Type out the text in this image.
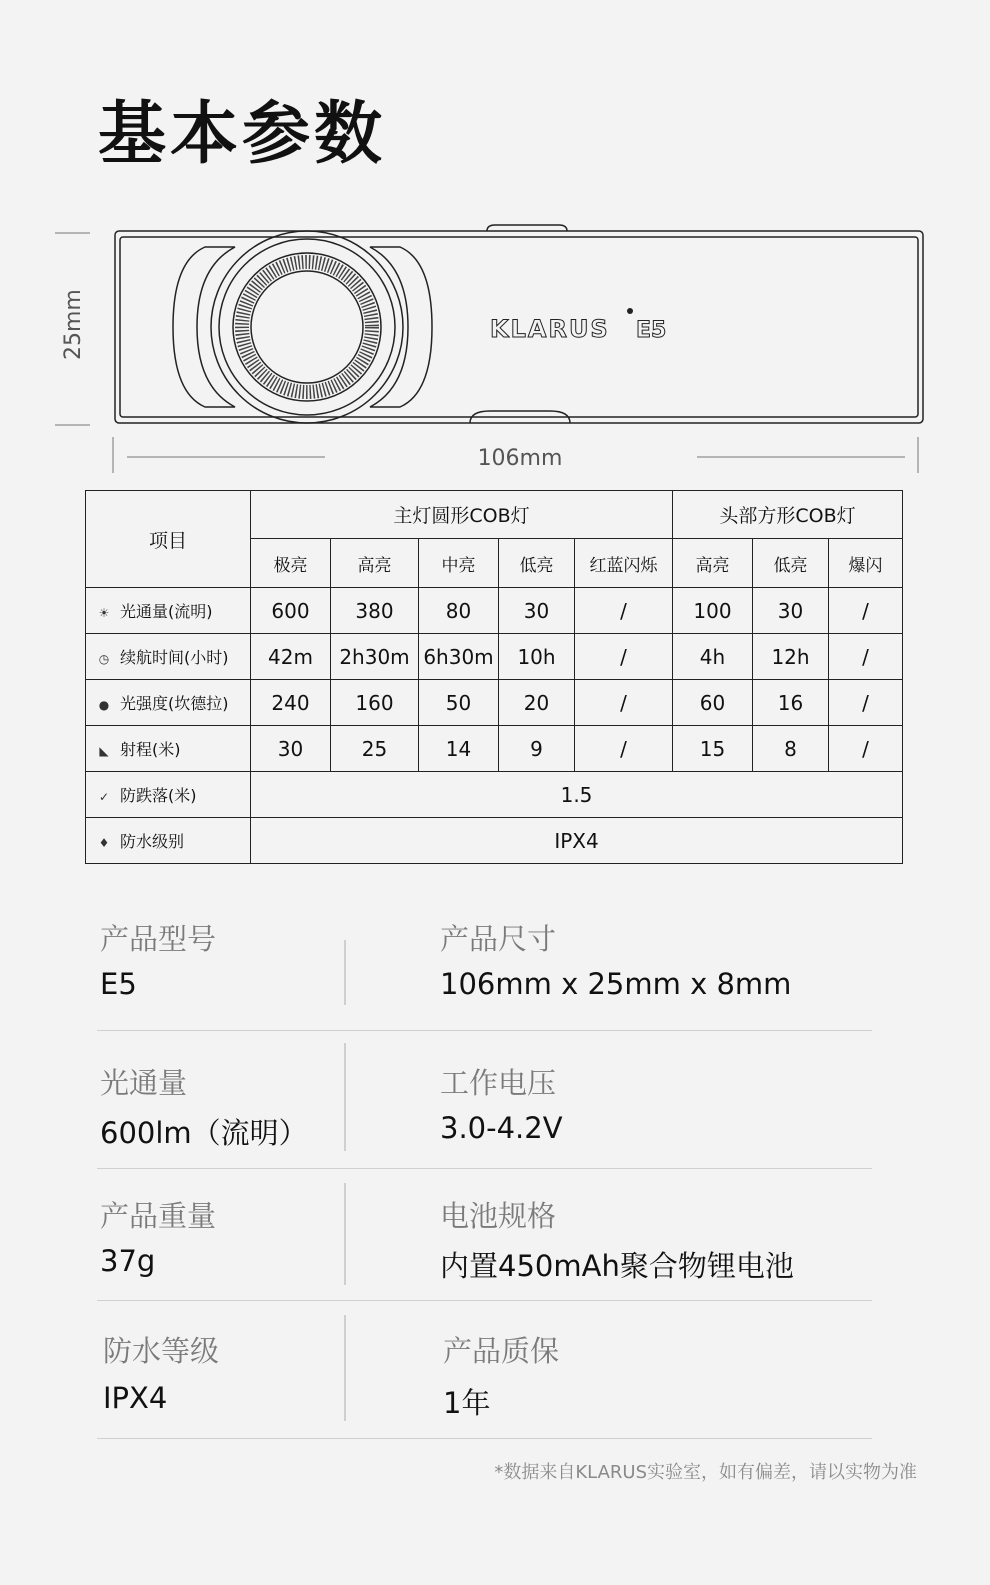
基本参数
25mm	KLARUS E5
106mm
项目	主灯圆形COB灯					头部方形COB灯		
	极亮	高亮	中亮	低亮	红蓝闪烁	高亮	低亮	爆闪
☀ 光通量(流明)	600	380	80	30	/	100	30	/
◷ 续航时间(小时)	42m	2h30m	6h30m	10h	/	4h	12h	/
● 光强度(坎德拉)	240	160	50	20	/	60	16	/
◣ 射程(米)	30	25	14	9	/	15	8	/
✓ 防跌落(米)	1.5							
♦ 防水级别	IPX4							
产品型号
E5
产品尺寸
106mm x 25mm x 8mm
光通量
600lm（流明）
工作电压
3.0-4.2V
产品重量
37g
电池规格
内置450mAh聚合物锂电池
防水等级
IPX4
产品质保
1年
*数据来自KLARUS实验室，如有偏差，请以实物为准
